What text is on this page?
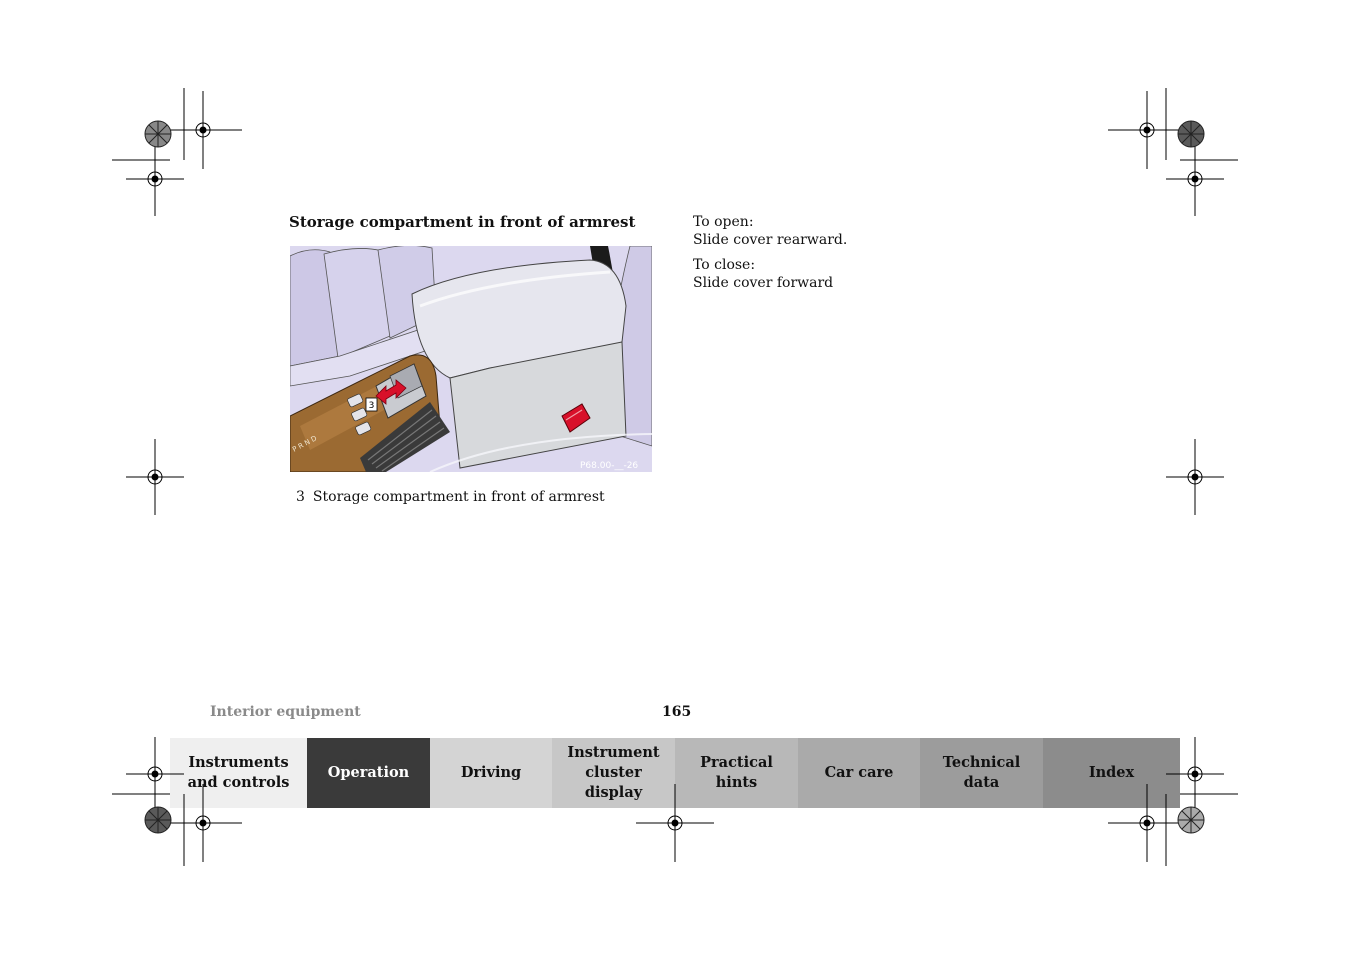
Storage compartment in front of armrest
3
P R N D
P68.00-__-26
3 Storage compartment in front of armrest

To open:
Slide cover rearward.

To close:
Slide cover forward

Interior equipment	165
Instruments
and controls
Operation	Driving
Instrument
cluster display
Practical hints
Car care
Technical
data
Index
